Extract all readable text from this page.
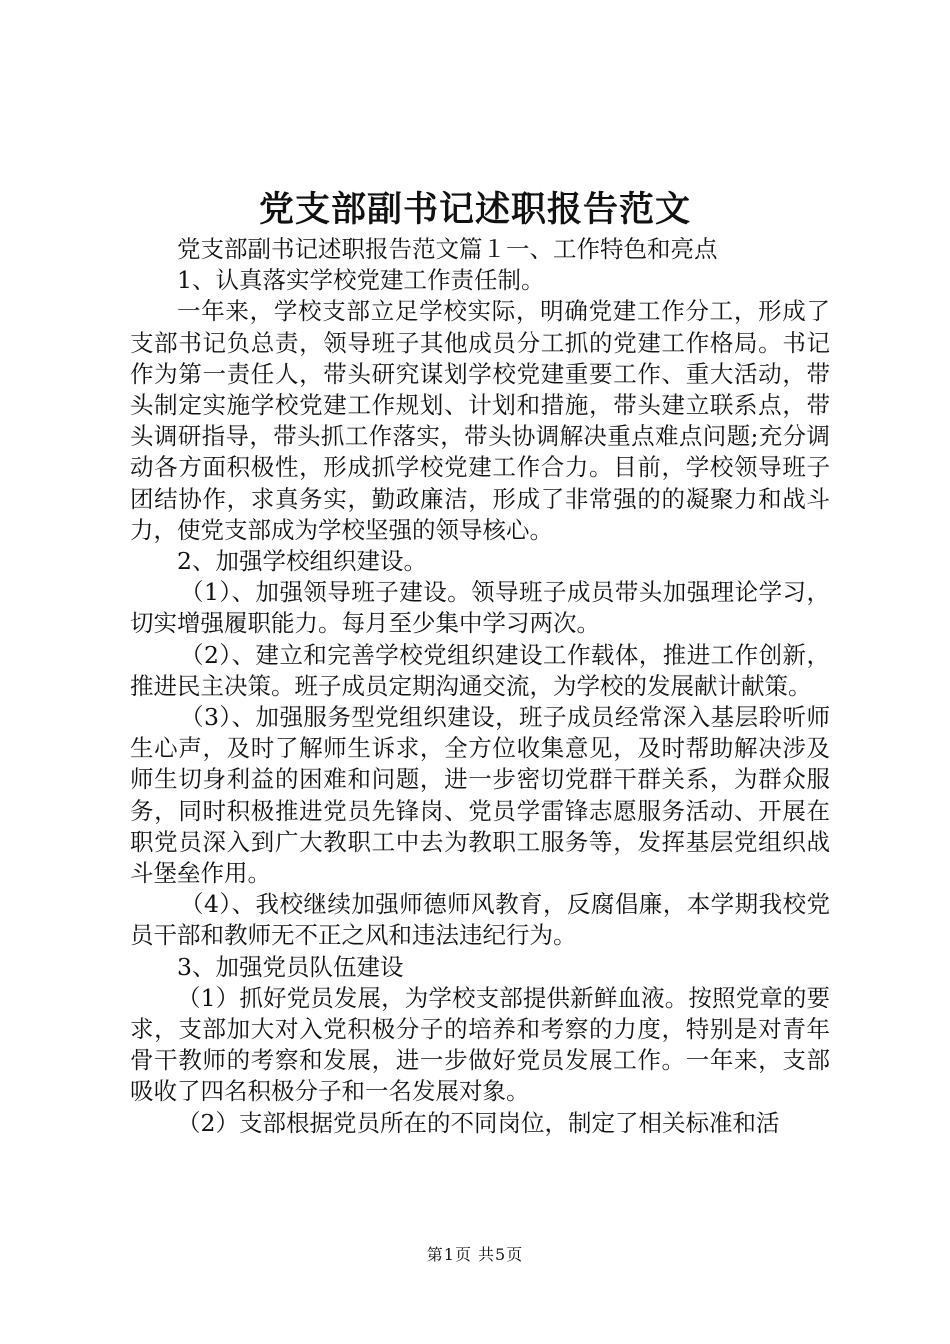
党支部副书记述职报告范文

党支部副书记述职报告范文篇１一、工作特色和亮点

1、认真落实学校党建工作责任制。

一年来，学校支部立足学校实际，明确党建工作分工，形成了支部书记负总责，领导班子其他成员分工抓的党建工作格局。书记作为第一责任人，带头研究谋划学校党建重要工作、重大活动，带头制定实施学校党建工作规划、计划和措施，带头建立联系点，带头调研指导，带头抓工作落实，带头协调解决重点难点问题;充分调动各方面积极性，形成抓学校党建工作合力。目前，学校领导班子团结协作，求真务实，勤政廉洁，形成了非常强的的凝聚力和战斗力，使党支部成为学校坚强的领导核心。

2、加强学校组织建设。

（1）、加强领导班子建设。领导班子成员带头加强理论学习，切实增强履职能力。每月至少集中学习两次。

（2）、建立和完善学校党组织建设工作载体，推进工作创新，推进民主决策。班子成员定期沟通交流，为学校的发展献计献策。

（3）、加强服务型党组织建设，班子成员经常深入基层聆听师生心声，及时了解师生诉求，全方位收集意见，及时帮助解决涉及师生切身利益的困难和问题，进一步密切党群干群关系，为群众服务，同时积极推进党员先锋岗、党员学雷锋志愿服务活动、开展在职党员深入到广大教职工中去为教职工服务等，发挥基层党组织战斗堡垒作用。

（4）、我校继续加强师德师风教育，反腐倡廉，本学期我校党员干部和教师无不正之风和违法违纪行为。

3、加强党员队伍建设

（1）抓好党员发展，为学校支部提供新鲜血液。按照党章的要求，支部加大对入党积极分子的培养和考察的力度，特别是对青年骨干教师的考察和发展，进一步做好党员发展工作。一年来，支部吸收了四名积极分子和一名发展对象。

（2）支部根据党员所在的不同岗位，制定了相关标准和活

第1页 共5页
